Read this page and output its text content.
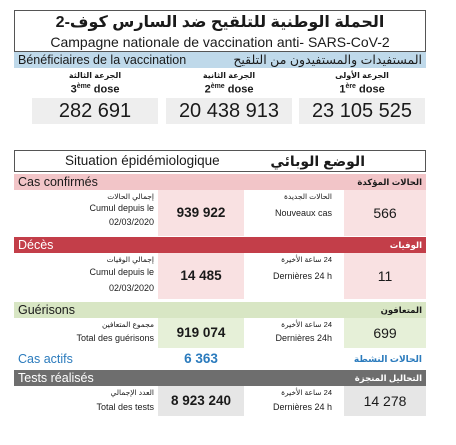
الحملة الوطنية للتلقيح ضد السارس كوف-2
Campagne nationale de vaccination anti- SARS-CoV-2
Bénéficiaires de la vaccination	المستفيدات والمستفيدون من التلقيح
الجرعة الثالثة
3ème dose
282 691
الجرعة الثانية
2ème dose
20 438 913
الجرعة الأولى
1ère dose
23 105 525
Situation épidémiologique	الوضع الوبائي
Cas confirmés	الحالات المؤكدة
إجمالي الحالات
Cumul depuis le
02/03/2020
939 922
الحالات الجديدة
Nouveaux cas	566
Décès	الوفيات
إجمالي الوفيات
Cumul depuis le
02/03/2020
14 485
24 ساعة الأخيرة
Dernières 24 h	11
Guérisons	المتعافون
مجموع المتعافين
Total des guérisons	919 074
24 ساعة الأخيرة
Dernières 24h	699
Cas actifs	6 363	الحالات النشطة
Tests réalisés	التحاليل المنجزة
العدد الإجمالي
Total des tests	8 923 240
24 ساعة الأخيرة
Dernières 24 h	14 278
